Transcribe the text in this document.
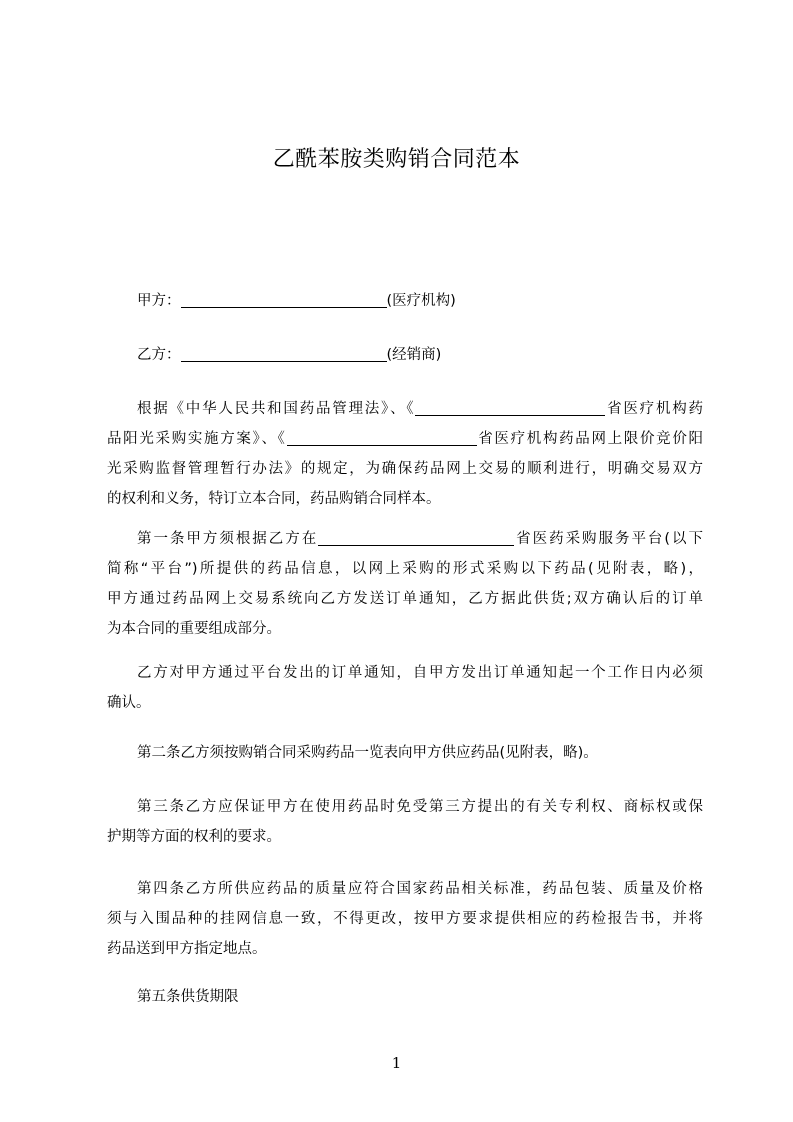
乙酰苯胺类购销合同范本
甲方：	(医疗机构)
乙方：	(经销商)
根据《中华人民共和国药品管理法》、《	省医疗机构药
品阳光采购实施方案》、《	省医疗机构药品网上限价竞价阳
光采购监督管理暂行办法》的规定，为确保药品网上交易的顺利进行，明确交易双方
的权利和义务，特订立本合同，药品购销合同样本。
第一条甲方须根据乙方在	省医药采购服务平台(以下
简称“平台”)所提供的药品信息，以网上采购的形式采购以下药品(见附表，略)，
甲方通过药品网上交易系统向乙方发送订单通知，乙方据此供货;双方确认后的订单
为本合同的重要组成部分。
乙方对甲方通过平台发出的订单通知，自甲方发出订单通知起一个工作日内必须
确认。
第二条乙方须按购销合同采购药品一览表向甲方供应药品(见附表，略)。
第三条乙方应保证甲方在使用药品时免受第三方提出的有关专利权、商标权或保
护期等方面的权利的要求。
第四条乙方所供应药品的质量应符合国家药品相关标准，药品包装、质量及价格
须与入围品种的挂网信息一致，不得更改，按甲方要求提供相应的药检报告书，并将
药品送到甲方指定地点。
第五条供货期限
1
